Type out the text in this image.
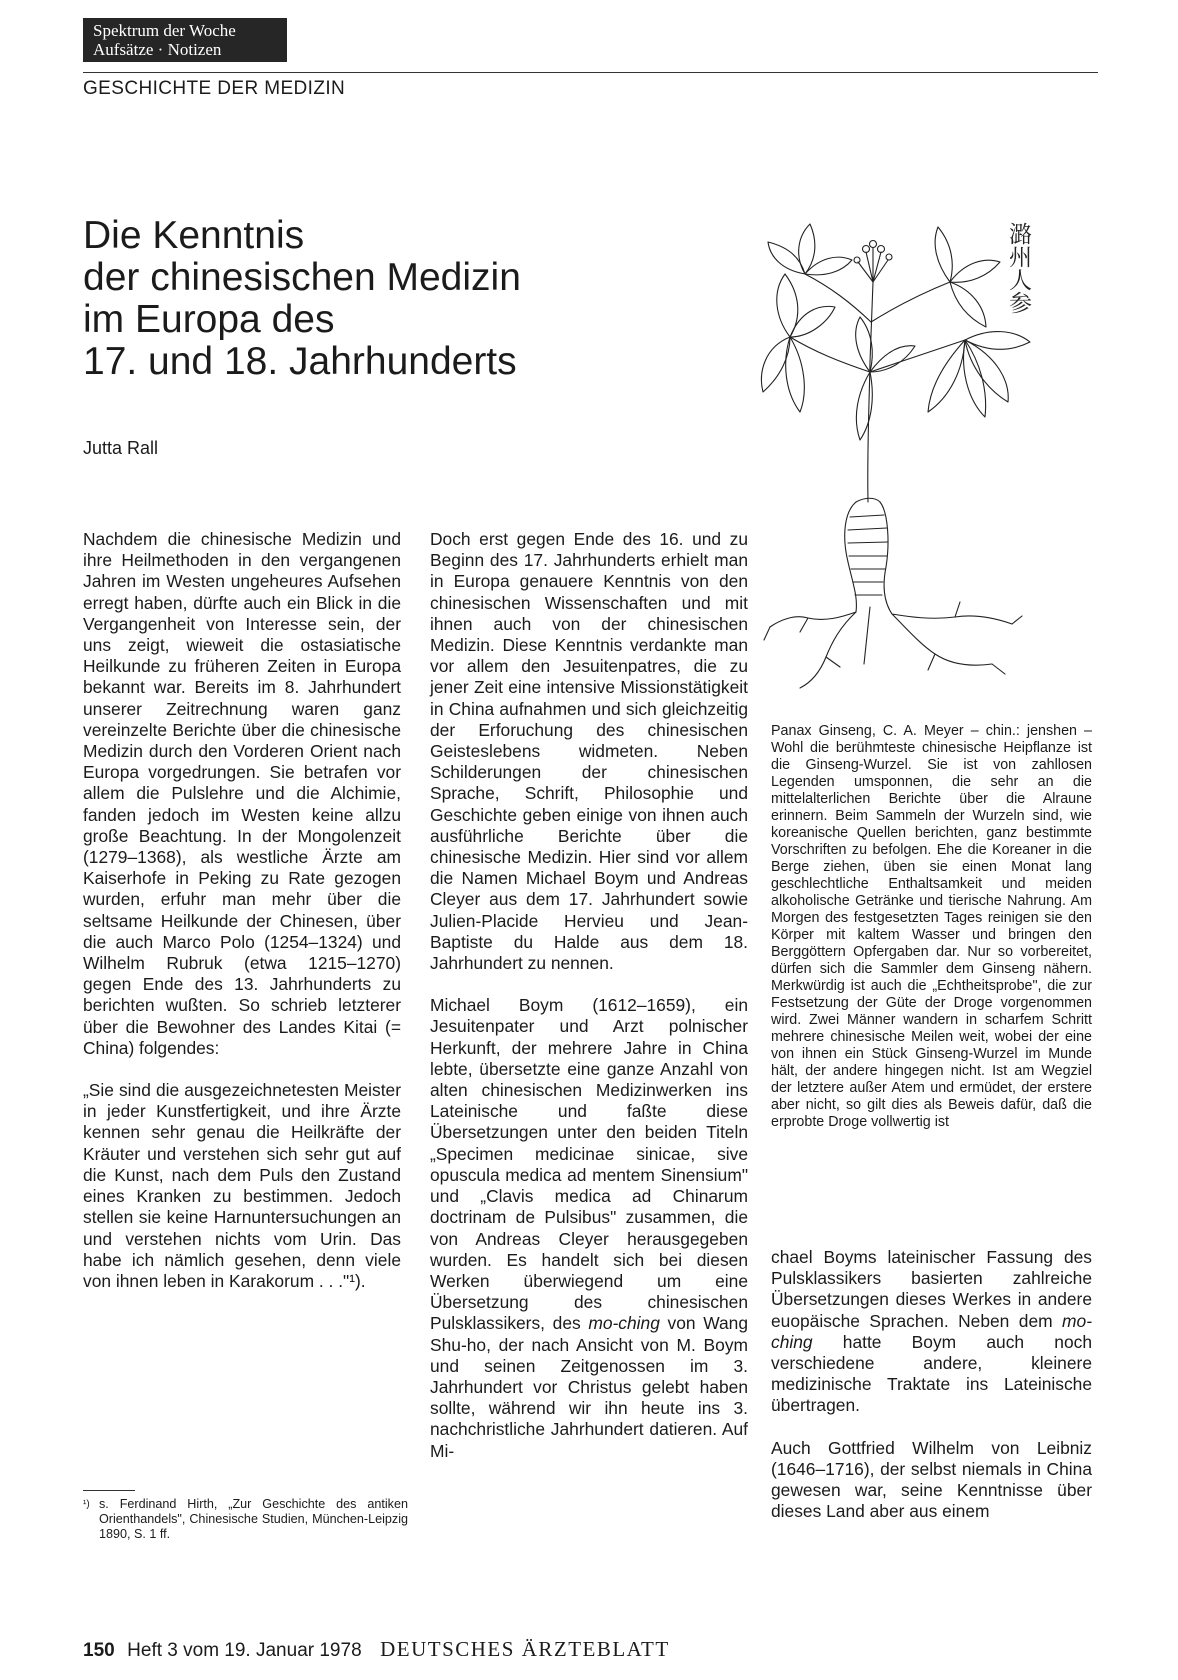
Spektrum der Woche
Aufsätze · Notizen
GESCHICHTE DER MEDIZIN
Die Kenntnis
der chinesischen Medizin
im Europa des
17. und 18. Jahrhunderts
Jutta Rall

Nachdem die chinesische Medizin und ihre Heilmethoden in den vergangenen Jahren im Westen ungeheures Aufsehen erregt haben, dürfte auch ein Blick in die Vergangenheit von Interesse sein, der uns zeigt, wieweit die ostasiatische Heilkunde zu früheren Zeiten in Europa bekannt war. Bereits im 8. Jahrhundert unserer Zeitrechnung waren ganz vereinzelte Berichte über die chinesische Medizin durch den Vorderen Orient nach Europa vorgedrungen. Sie betrafen vor allem die Pulslehre und die Alchimie, fanden jedoch im Westen keine allzu große Beachtung. In der Mongolenzeit (1279–1368), als westliche Ärzte am Kaiserhofe in Peking zu Rate gezogen wurden, erfuhr man mehr über die seltsame Heilkunde der Chinesen, über die auch Marco Polo (1254–1324) und Wilhelm Rubruk (etwa 1215–1270) gegen Ende des 13. Jahrhunderts zu berichten wußten. So schrieb letzterer über die Bewohner des Landes Kitai (= China) folgendes:

„Sie sind die ausgezeichnetesten Meister in jeder Kunstfertigkeit, und ihre Ärzte kennen sehr genau die Heilkräfte der Kräuter und verstehen sich sehr gut auf die Kunst, nach dem Puls den Zustand eines Kranken zu bestimmen. Jedoch stellen sie keine Harnuntersuchungen an und verstehen nichts vom Urin. Das habe ich nämlich gesehen, denn viele von ihnen leben in Karakorum . . ."¹).

Doch erst gegen Ende des 16. und zu Beginn des 17. Jahrhunderts erhielt man in Europa genauere Kenntnis von den chinesischen Wissenschaften und mit ihnen auch von der chinesischen Medizin. Diese Kenntnis verdankte man vor allem den Jesuitenpatres, die zu jener Zeit eine intensive Missionstätigkeit in China aufnahmen und sich gleichzeitig der Erforuchung des chinesischen Geisteslebens widmeten. Neben Schilderungen der chinesischen Sprache, Schrift, Philosophie und Geschichte geben einige von ihnen auch ausführliche Berichte über die chinesische Medizin. Hier sind vor allem die Namen Michael Boym und Andreas Cleyer aus dem 17. Jahrhundert sowie Julien-Placide Hervieu und Jean-Baptiste du Halde aus dem 18. Jahrhundert zu nennen.

Michael Boym (1612–1659), ein Jesuitenpater und Arzt polnischer Herkunft, der mehrere Jahre in China lebte, übersetzte eine ganze Anzahl von alten chinesischen Medizinwerken ins Lateinische und faßte diese Übersetzungen unter den beiden Titeln „Specimen medicinae sinicae, sive opuscula medica ad mentem Sinensium" und „Clavis medica ad Chinarum doctrinam de Pulsibus" zusammen, die von Andreas Cleyer herausgegeben wurden. Es handelt sich bei diesen Werken überwiegend um eine Übersetzung des chinesischen Pulsklassikers, des mo-ching von Wang Shu-ho, der nach Ansicht von M. Boym und seinen Zeitgenossen im 3. Jahrhundert vor Christus gelebt haben sollte, während wir ihn heute ins 3. nachchristliche Jahrhundert datieren. Auf Mi-

chael Boyms lateinischer Fassung des Pulsklassikers basierten zahlreiche Übersetzungen dieses Werkes in andere euopäische Sprachen. Neben dem mo-ching hatte Boym auch noch verschiedene andere, kleinere medizinische Traktate ins Lateinische übertragen.

Auch Gottfried Wilhelm von Leibniz (1646–1716), der selbst niemals in China gewesen war, seine Kenntnisse über dieses Land aber aus einem

潞州人参
Panax Ginseng, C. A. Meyer – chin.: jenshen – Wohl die berühmteste chinesische Heipflanze ist die Ginseng-Wurzel. Sie ist von zahllosen Legenden umsponnen, die sehr an die mittelalterlichen Berichte über die Alraune erinnern. Beim Sammeln der Wurzeln sind, wie koreanische Quellen berichten, ganz bestimmte Vorschriften zu befolgen. Ehe die Koreaner in die Berge ziehen, üben sie einen Monat lang geschlechtliche Enthaltsamkeit und meiden alkoholische Getränke und tierische Nahrung. Am Morgen des festgesetzten Tages reinigen sie den Körper mit kaltem Wasser und bringen den Berggöttern Opfergaben dar. Nur so vorbereitet, dürfen sich die Sammler dem Ginseng nähern. Merkwürdig ist auch die „Echtheitsprobe", die zur Festsetzung der Güte der Droge vorgenommen wird. Zwei Männer wandern in scharfem Schritt mehrere chinesische Meilen weit, wobei der eine von ihnen ein Stück Ginseng-Wurzel im Munde hält, der andere hingegen nicht. Ist am Wegziel der letztere außer Atem und ermüdet, der erstere aber nicht, so gilt dies als Beweis dafür, daß die erprobte Droge vollwertig ist
¹) s. Ferdinand Hirth, „Zur Geschichte des antiken Orienthandels", Chinesische Studien, München-Leipzig 1890, S. 1 ff.
150 Heft 3 vom 19. Januar 1978 DEUTSCHES ÄRZTEBLATT
